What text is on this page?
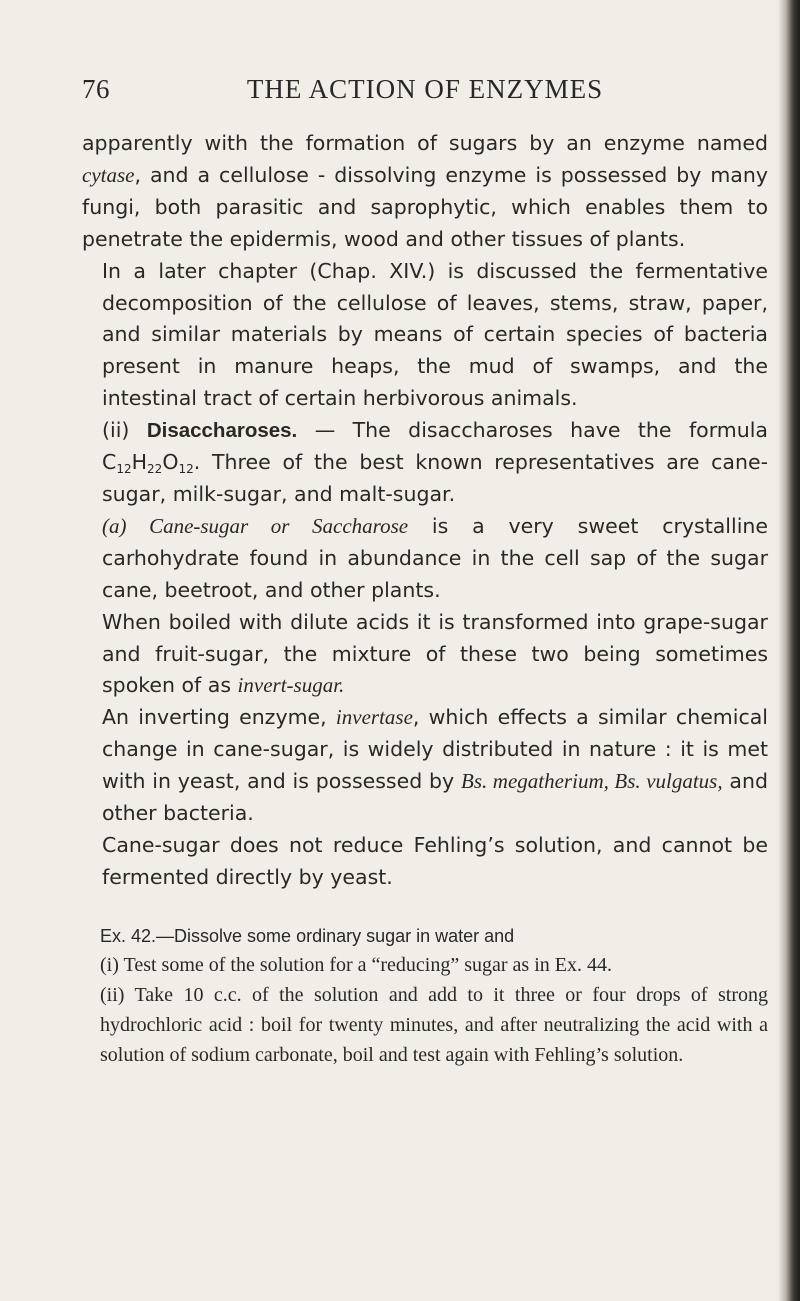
76	THE ACTION OF ENZYMES

apparently with the formation of sugars by an enzyme named cytase, and a cellulose - dissolving enzyme is possessed by many fungi, both parasitic and saprophytic, which enables them to penetrate the epidermis, wood and other tissues of plants.

In a later chapter (Chap. XIV.) is discussed the fermentative decomposition of the cellulose of leaves, stems, straw, paper, and similar materials by means of certain species of bacteria present in manure heaps, the mud of swamps, and the intestinal tract of certain herbivorous animals.

(ii) Disaccharoses. — The disaccharoses have the formula $C_{12}H_{22}O_{12}$. Three of the best known representatives are cane-sugar, milk-sugar, and malt-sugar.

(a) Cane-sugar or Saccharose is a very sweet crystalline carhohydrate found in abundance in the cell sap of the sugar cane, beetroot, and other plants.

When boiled with dilute acids it is transformed into grape-sugar and fruit-sugar, the mixture of these two being sometimes spoken of as invert-sugar.

An inverting enzyme, invertase, which effects a similar chemical change in cane-sugar, is widely distributed in nature : it is met with in yeast, and is possessed by Bs. megatherium, Bs. vulgatus, and other bacteria.

Cane-sugar does not reduce Fehling’s solution, and cannot be fermented directly by yeast.

Ex. 42.—Dissolve some ordinary sugar in water and

(i) Test some of the solution for a “reducing” sugar as in Ex. 44.

(ii) Take 10 c.c. of the solution and add to it three or four drops of strong hydrochloric acid : boil for twenty minutes, and after neutralizing the acid with a solution of sodium carbonate, boil and test again with Fehling’s solution.
